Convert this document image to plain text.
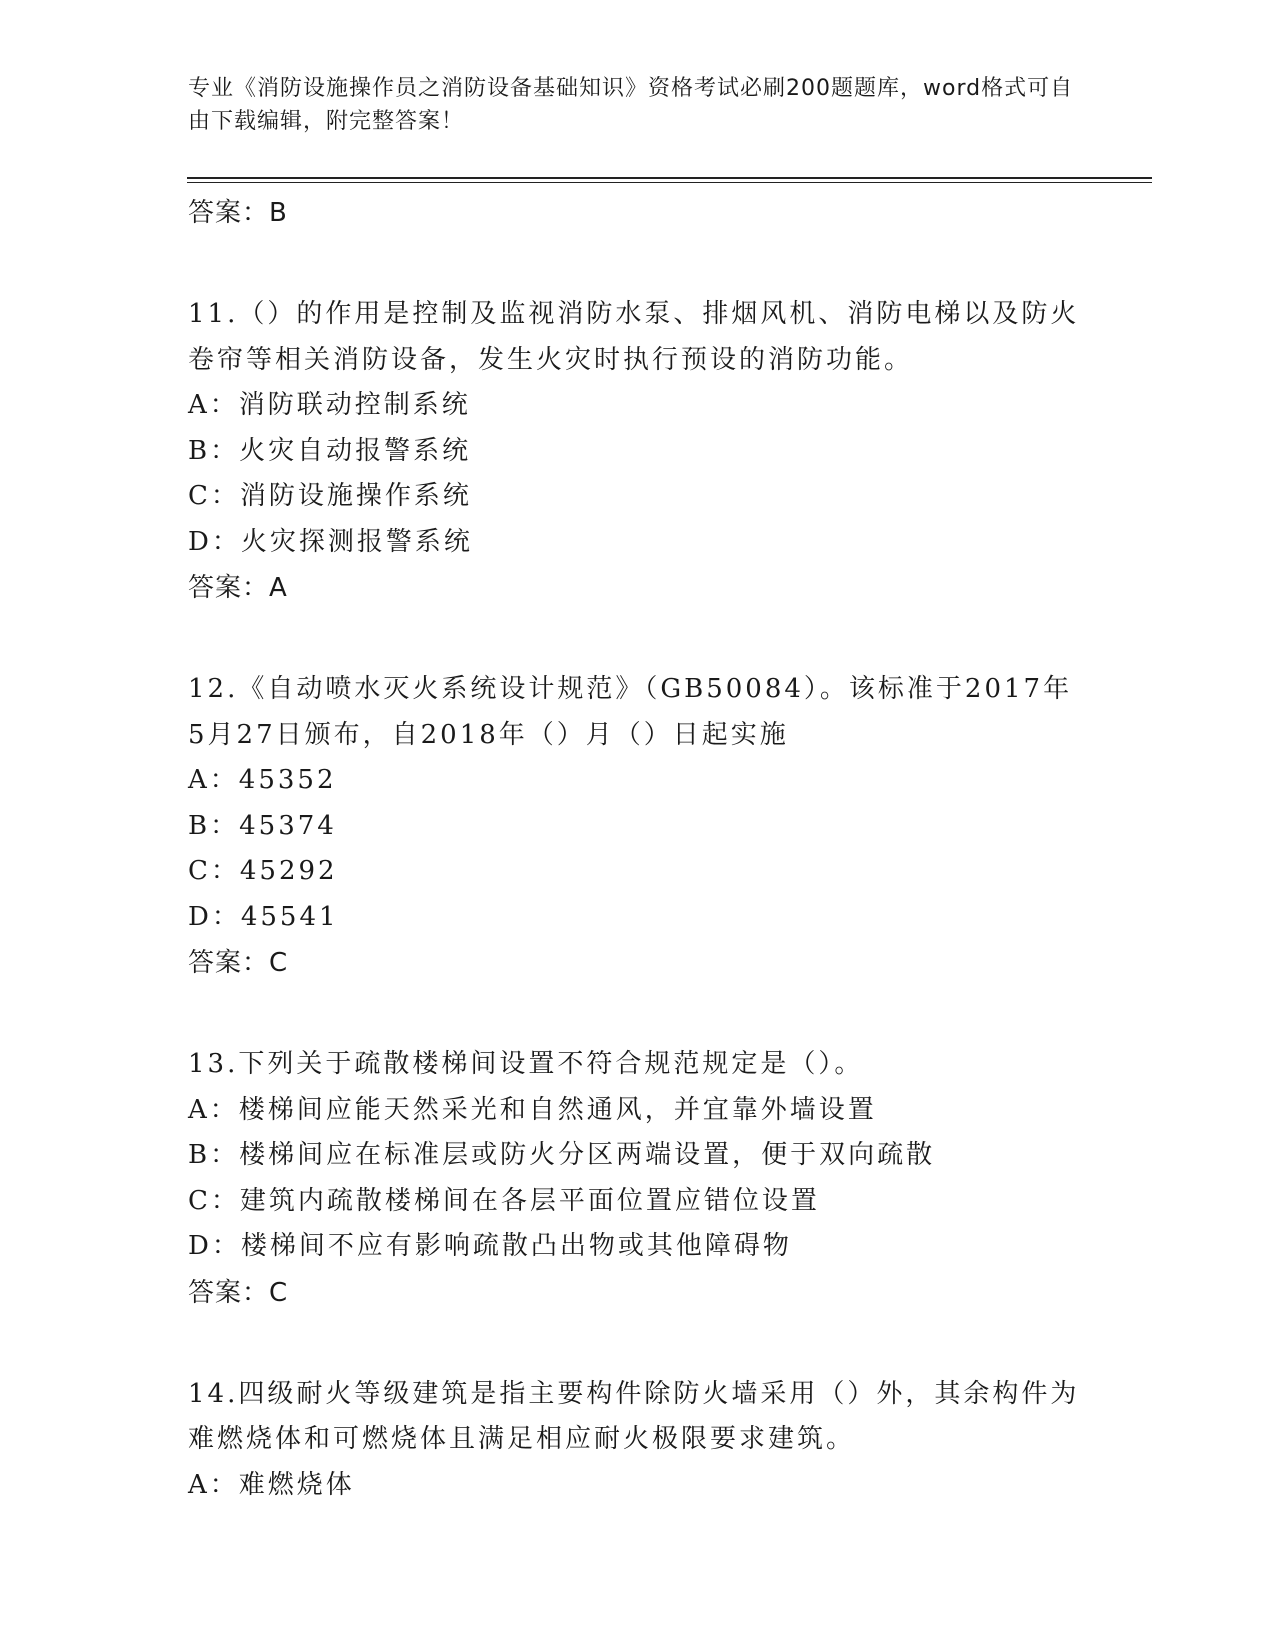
专业《消防设施操作员之消防设备基础知识》资格考试必刷200题题库，word格式可自由下载编辑，附完整答案！

答案：B

11.（）的作用是控制及监视消防水泵、排烟风机、消防电梯以及防火卷帘等相关消防设备，发生火灾时执行预设的消防功能。

A：消防联动控制系统

B：火灾自动报警系统

C：消防设施操作系统

D：火灾探测报警系统

答案：A

12.《自动喷水灭火系统设计规范》（GB50084）。该标准于2017年5月27日颁布，自2018年（）月（）日起实施

A：45352

B：45374

C：45292

D：45541

答案：C

13.下列关于疏散楼梯间设置不符合规范规定是（）。

A：楼梯间应能天然采光和自然通风，并宜靠外墙设置

B：楼梯间应在标准层或防火分区两端设置，便于双向疏散

C：建筑内疏散楼梯间在各层平面位置应错位设置

D：楼梯间不应有影响疏散凸出物或其他障碍物

答案：C

14.四级耐火等级建筑是指主要构件除防火墙采用（）外，其余构件为难燃烧体和可燃烧体且满足相应耐火极限要求建筑。

A：难燃烧体
